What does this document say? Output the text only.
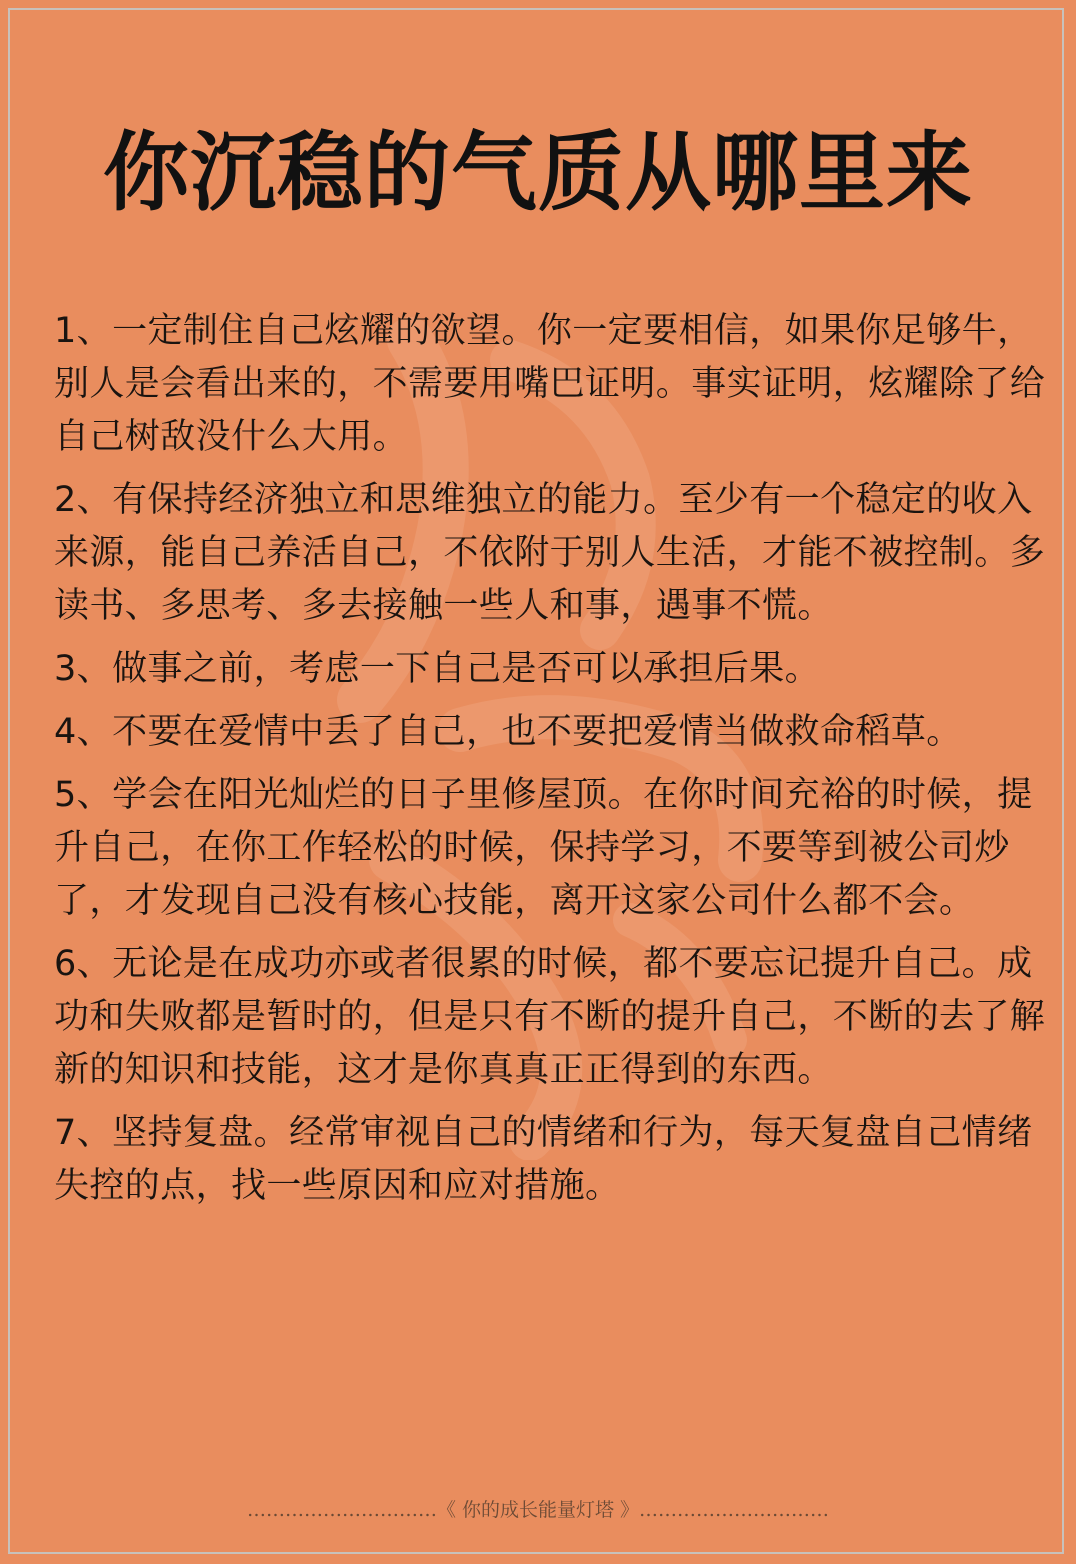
你沉稳的气质从哪里来
1、一定制住自己炫耀的欲望。你一定要相信，如果你足够牛，别人是会看出来的，不需要用嘴巴证明。事实证明，炫耀除了给自己树敌没什么大用。
2、有保持经济独立和思维独立的能力。至少有一个稳定的收入来源，能自己养活自己，不依附于别人生活，才能不被控制。多读书、多思考、多去接触一些人和事，遇事不慌。
3、做事之前，考虑一下自己是否可以承担后果。
4、不要在爱情中丢了自己，也不要把爱情当做救命稻草。
5、学会在阳光灿烂的日子里修屋顶。在你时间充裕的时候，提升自己，在你工作轻松的时候，保持学习，不要等到被公司炒了，才发现自己没有核心技能，离开这家公司什么都不会。
6、无论是在成功亦或者很累的时候，都不要忘记提升自己。成功和失败都是暂时的，但是只有不断的提升自己，不断的去了解新的知识和技能，这才是你真真正正得到的东西。
7、坚持复盘。经常审视自己的情绪和行为，每天复盘自己情绪失控的点，找一些原因和应对措施。
…………………………《 你的成长能量灯塔 》…………………………
